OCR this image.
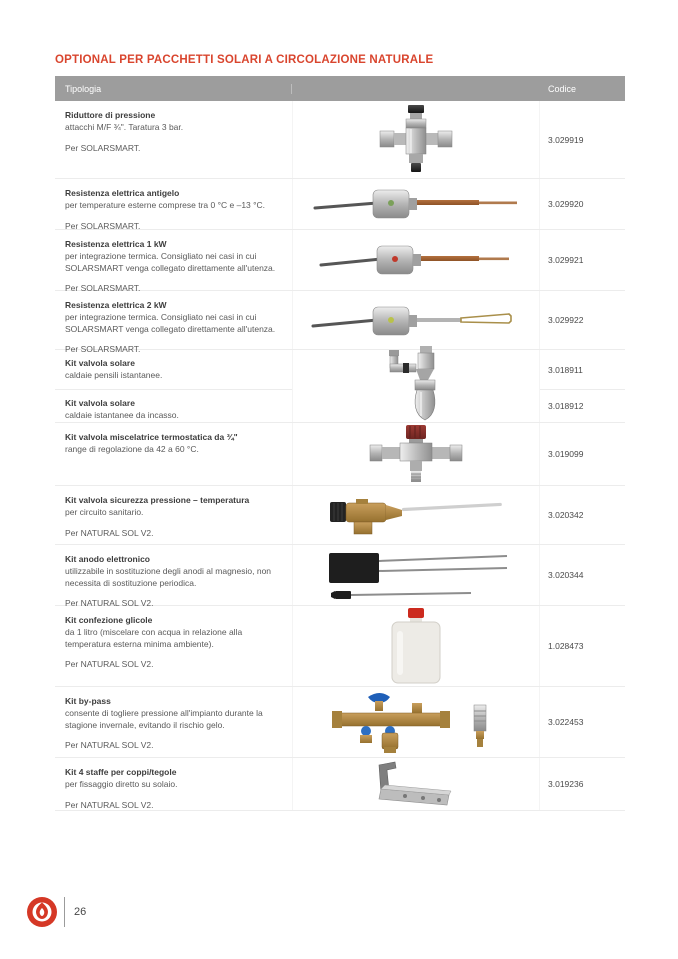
OPTIONAL PER PACCHETTI SOLARI A CIRCOLAZIONE NATURALE
Tipologia	Codice
Riduttore di pressione
attacchi M/F ¾". Taratura 3 bar.
Per SOLARSMART.
3.029919
Resistenza elettrica antigelo
per temperature esterne comprese tra 0 °C e –13 °C.
Per SOLARSMART.
3.029920
Resistenza elettrica 1 kW
per integrazione termica. Consigliato nei casi in cui SOLARSMART venga collegato direttamente all'utenza.
Per SOLARSMART.
3.029921
Resistenza elettrica 2 kW
per integrazione termica. Consigliato nei casi in cui SOLARSMART venga collegato direttamente all'utenza.
Per SOLARSMART.
3.029922
Kit valvola solare
caldaie pensili istantanee.
Kit valvola solare
caldaie istantanee da incasso.
3.018911
3.018912
Kit valvola miscelatrice termostatica da ¾"
range di regolazione da 42 a 60 °C.	3.019099
Kit valvola sicurezza pressione – temperatura
per circuito sanitario.
Per NATURAL SOL V2.
3.020342
Kit anodo elettronico
utilizzabile in sostituzione degli anodi al magnesio, non necessita di sostituzione periodica.
Per NATURAL SOL V2.
3.020344
Kit confezione glicole
da 1 litro (miscelare con acqua in relazione alla temperatura esterna minima ambiente).
Per NATURAL SOL V2.
1.028473
Kit by-pass
consente di togliere pressione all'impianto durante la stagione invernale, evitando il rischio gelo.
Per NATURAL SOL V2.
3.022453
Kit 4 staffe per coppi/tegole
per fissaggio diretto su solaio.
Per NATURAL SOL V2.
3.019236
26
